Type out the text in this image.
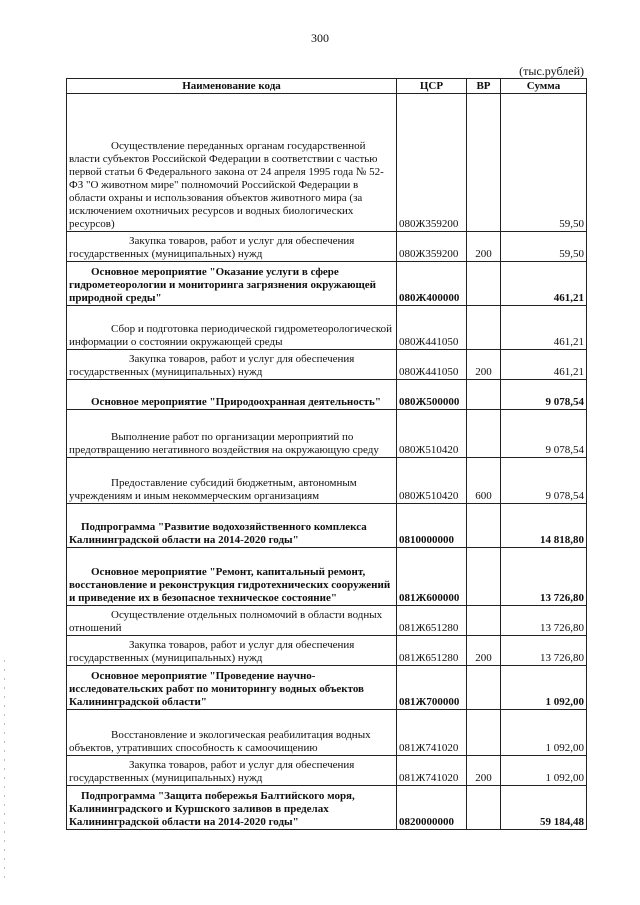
300
(тыс.рублей)
Наименование кода	ЦСР	ВР	Сумма
Осуществление переданных органам государственной власти субъектов Российской Федерации в соответствии с частью первой статьи 6 Федерального закона от 24 апреля 1995 года № 52-ФЗ "О животном мире" полномочий Российской Федерации в области охраны и использования объектов животного мира (за исключением охотничьих ресурсов и водных биологических ресурсов)	080Ж359200		59,50
Закупка товаров, работ и услуг для обеспечения государственных (муниципальных) нужд	080Ж359200	200	59,50
Основное мероприятие "Оказание услуги в сфере гидрометеорологии и мониторинга загрязнения окружающей природной среды"	080Ж400000		461,21
Сбор и подготовка периодической гидрометеорологической информации о состоянии окружающей среды	080Ж441050		461,21
Закупка товаров, работ и услуг для обеспечения государственных (муниципальных) нужд	080Ж441050	200	461,21
Основное мероприятие "Природоохранная деятельность"	080Ж500000		9 078,54
Выполнение работ по организации мероприятий по предотвращению негативного воздействия на окружающую среду	080Ж510420		9 078,54
Предоставление субсидий бюджетным, автономным учреждениям и иным некоммерческим организациям	080Ж510420	600	9 078,54
Подпрограмма "Развитие водохозяйственного комплекса Калининградской области на 2014-2020 годы"	0810000000		14 818,80
Основное мероприятие "Ремонт, капитальный ремонт, восстановление и реконструкция гидротехнических сооружений и приведение их в безопасное техническое состояние"	081Ж600000		13 726,80
Осуществление отдельных полномочий в области водных отношений	081Ж651280		13 726,80
Закупка товаров, работ и услуг для обеспечения государственных (муниципальных) нужд	081Ж651280	200	13 726,80
Основное мероприятие "Проведение научно-исследовательских работ по мониторингу водных объектов Калининградской области"	081Ж700000		1 092,00
Восстановление и экологическая реабилитация водных объектов, утративших способность к самоочищению	081Ж741020		1 092,00
Закупка товаров, работ и услуг для обеспечения государственных (муниципальных) нужд	081Ж741020	200	1 092,00
Подпрограмма "Защита побережья Балтийского моря, Калининградского и Куршского заливов в пределах Калининградской области на 2014-2020 годы"	0820000000		59 184,48
